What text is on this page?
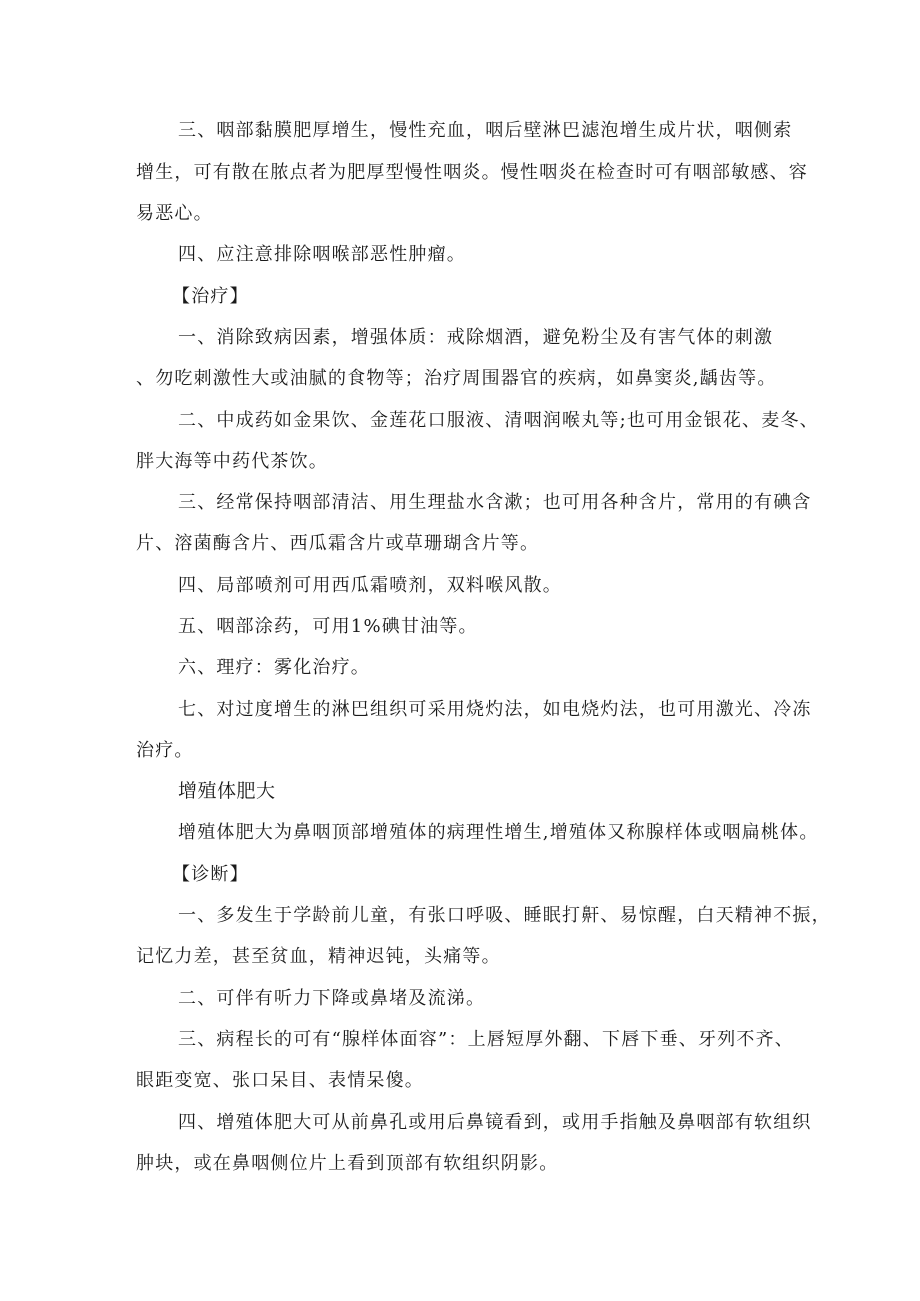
三、咽部黏膜肥厚增生，慢性充血，咽后壁淋巴滤泡增生成片状，咽侧索
增生，可有散在脓点者为肥厚型慢性咽炎。慢性咽炎在检查时可有咽部敏感、容
易恶心。
四、应注意排除咽喉部恶性肿瘤。
【治疗】
一、消除致病因素，增强体质：戒除烟酒，避免粉尘及有害气体的刺激
、勿吃刺激性大或油腻的食物等；治疗周围器官的疾病，如鼻窦炎,龋齿等。
二、中成药如金果饮、金莲花口服液、清咽润喉丸等;也可用金银花、麦冬、
胖大海等中药代茶饮。
三、经常保持咽部清洁、用生理盐水含漱；也可用各种含片，常用的有碘含
片、溶菌酶含片、西瓜霜含片或草珊瑚含片等。
四、局部喷剂可用西瓜霜喷剂，双料喉风散。
五、咽部涂药，可用1%碘甘油等。
六、理疗：雾化治疗。
七、对过度增生的淋巴组织可采用烧灼法，如电烧灼法，也可用激光、冷冻
治疗。
增殖体肥大
增殖体肥大为鼻咽顶部增殖体的病理性增生,增殖体又称腺样体或咽扁桃体。
【诊断】
一、多发生于学龄前儿童，有张口呼吸、睡眠打鼾、易惊醒，白天精神不振，
记忆力差，甚至贫血，精神迟钝，头痛等。
二、可伴有听力下降或鼻堵及流涕。
三、病程长的可有“腺样体面容”：上唇短厚外翻、下唇下垂、牙列不齐、
眼距变宽、张口呆目、表情呆傻。
四、增殖体肥大可从前鼻孔或用后鼻镜看到，或用手指触及鼻咽部有软组织
肿块，或在鼻咽侧位片上看到顶部有软组织阴影。
